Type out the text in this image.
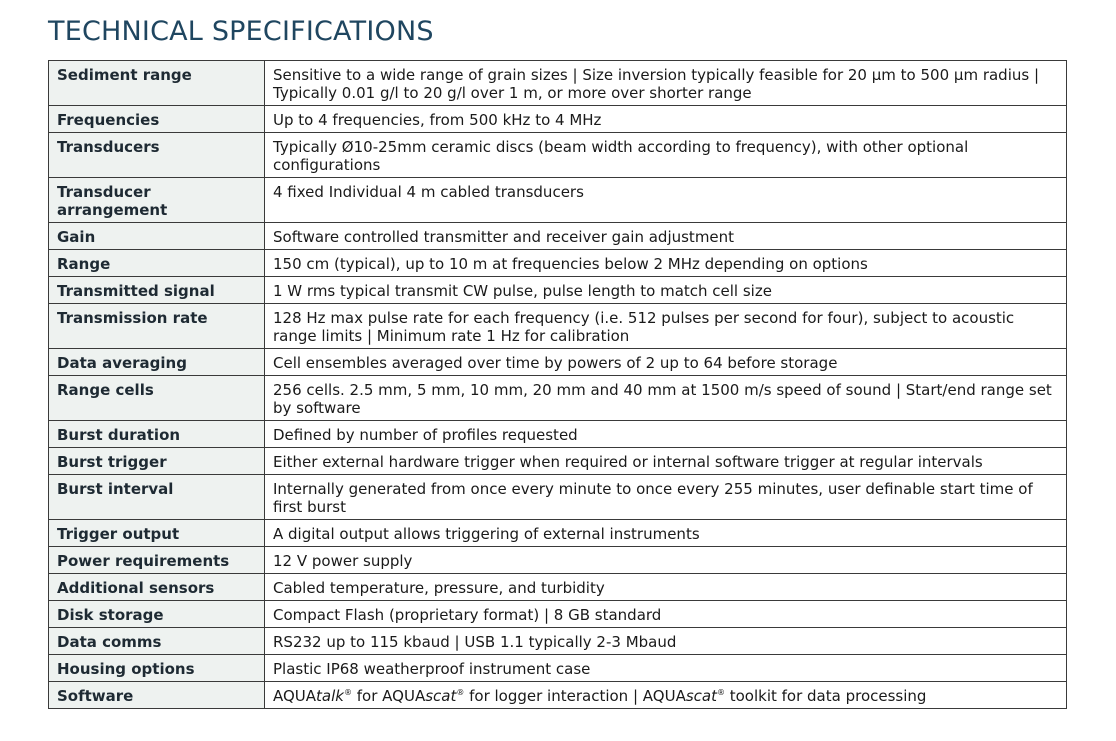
TECHNICAL SPECIFICATIONS
Sediment range	Sensitive to a wide range of grain sizes | Size inversion typically feasible for 20 µm to 500 µm radius | Typically 0.01 g/l to 20 g/l over 1 m, or more over shorter range
Frequencies	Up to 4 frequencies, from 500 kHz to 4 MHz
Transducers	Typically Ø10-25mm ceramic discs (beam width according to frequency), with other optional configurations
Transducer arrangement	4 fixed Individual 4 m cabled transducers
Gain	Software controlled transmitter and receiver gain adjustment
Range	150 cm (typical), up to 10 m at frequencies below 2 MHz depending on options
Transmitted signal	1 W rms typical transmit CW pulse, pulse length to match cell size
Transmission rate	128 Hz max pulse rate for each frequency (i.e. 512 pulses per second for four), subject to acoustic range limits | Minimum rate 1 Hz for calibration
Data averaging	Cell ensembles averaged over time by powers of 2 up to 64 before storage
Range cells	256 cells. 2.5 mm, 5 mm, 10 mm, 20 mm and 40 mm at 1500 m/s speed of sound | Start/end range set by software
Burst duration	Defined by number of profiles requested
Burst trigger	Either external hardware trigger when required or internal software trigger at regular intervals
Burst interval	Internally generated from once every minute to once every 255 minutes, user definable start time of first burst
Trigger output	A digital output allows triggering of external instruments
Power requirements	12 V power supply
Additional sensors	Cabled temperature, pressure, and turbidity
Disk storage	Compact Flash (proprietary format) | 8 GB standard
Data comms	RS232 up to 115 kbaud | USB 1.1 typically 2-3 Mbaud
Housing options	Plastic IP68 weatherproof instrument case
Software	AQUAtalk® for AQUAscat® for logger interaction | AQUAscat® toolkit for data processing
